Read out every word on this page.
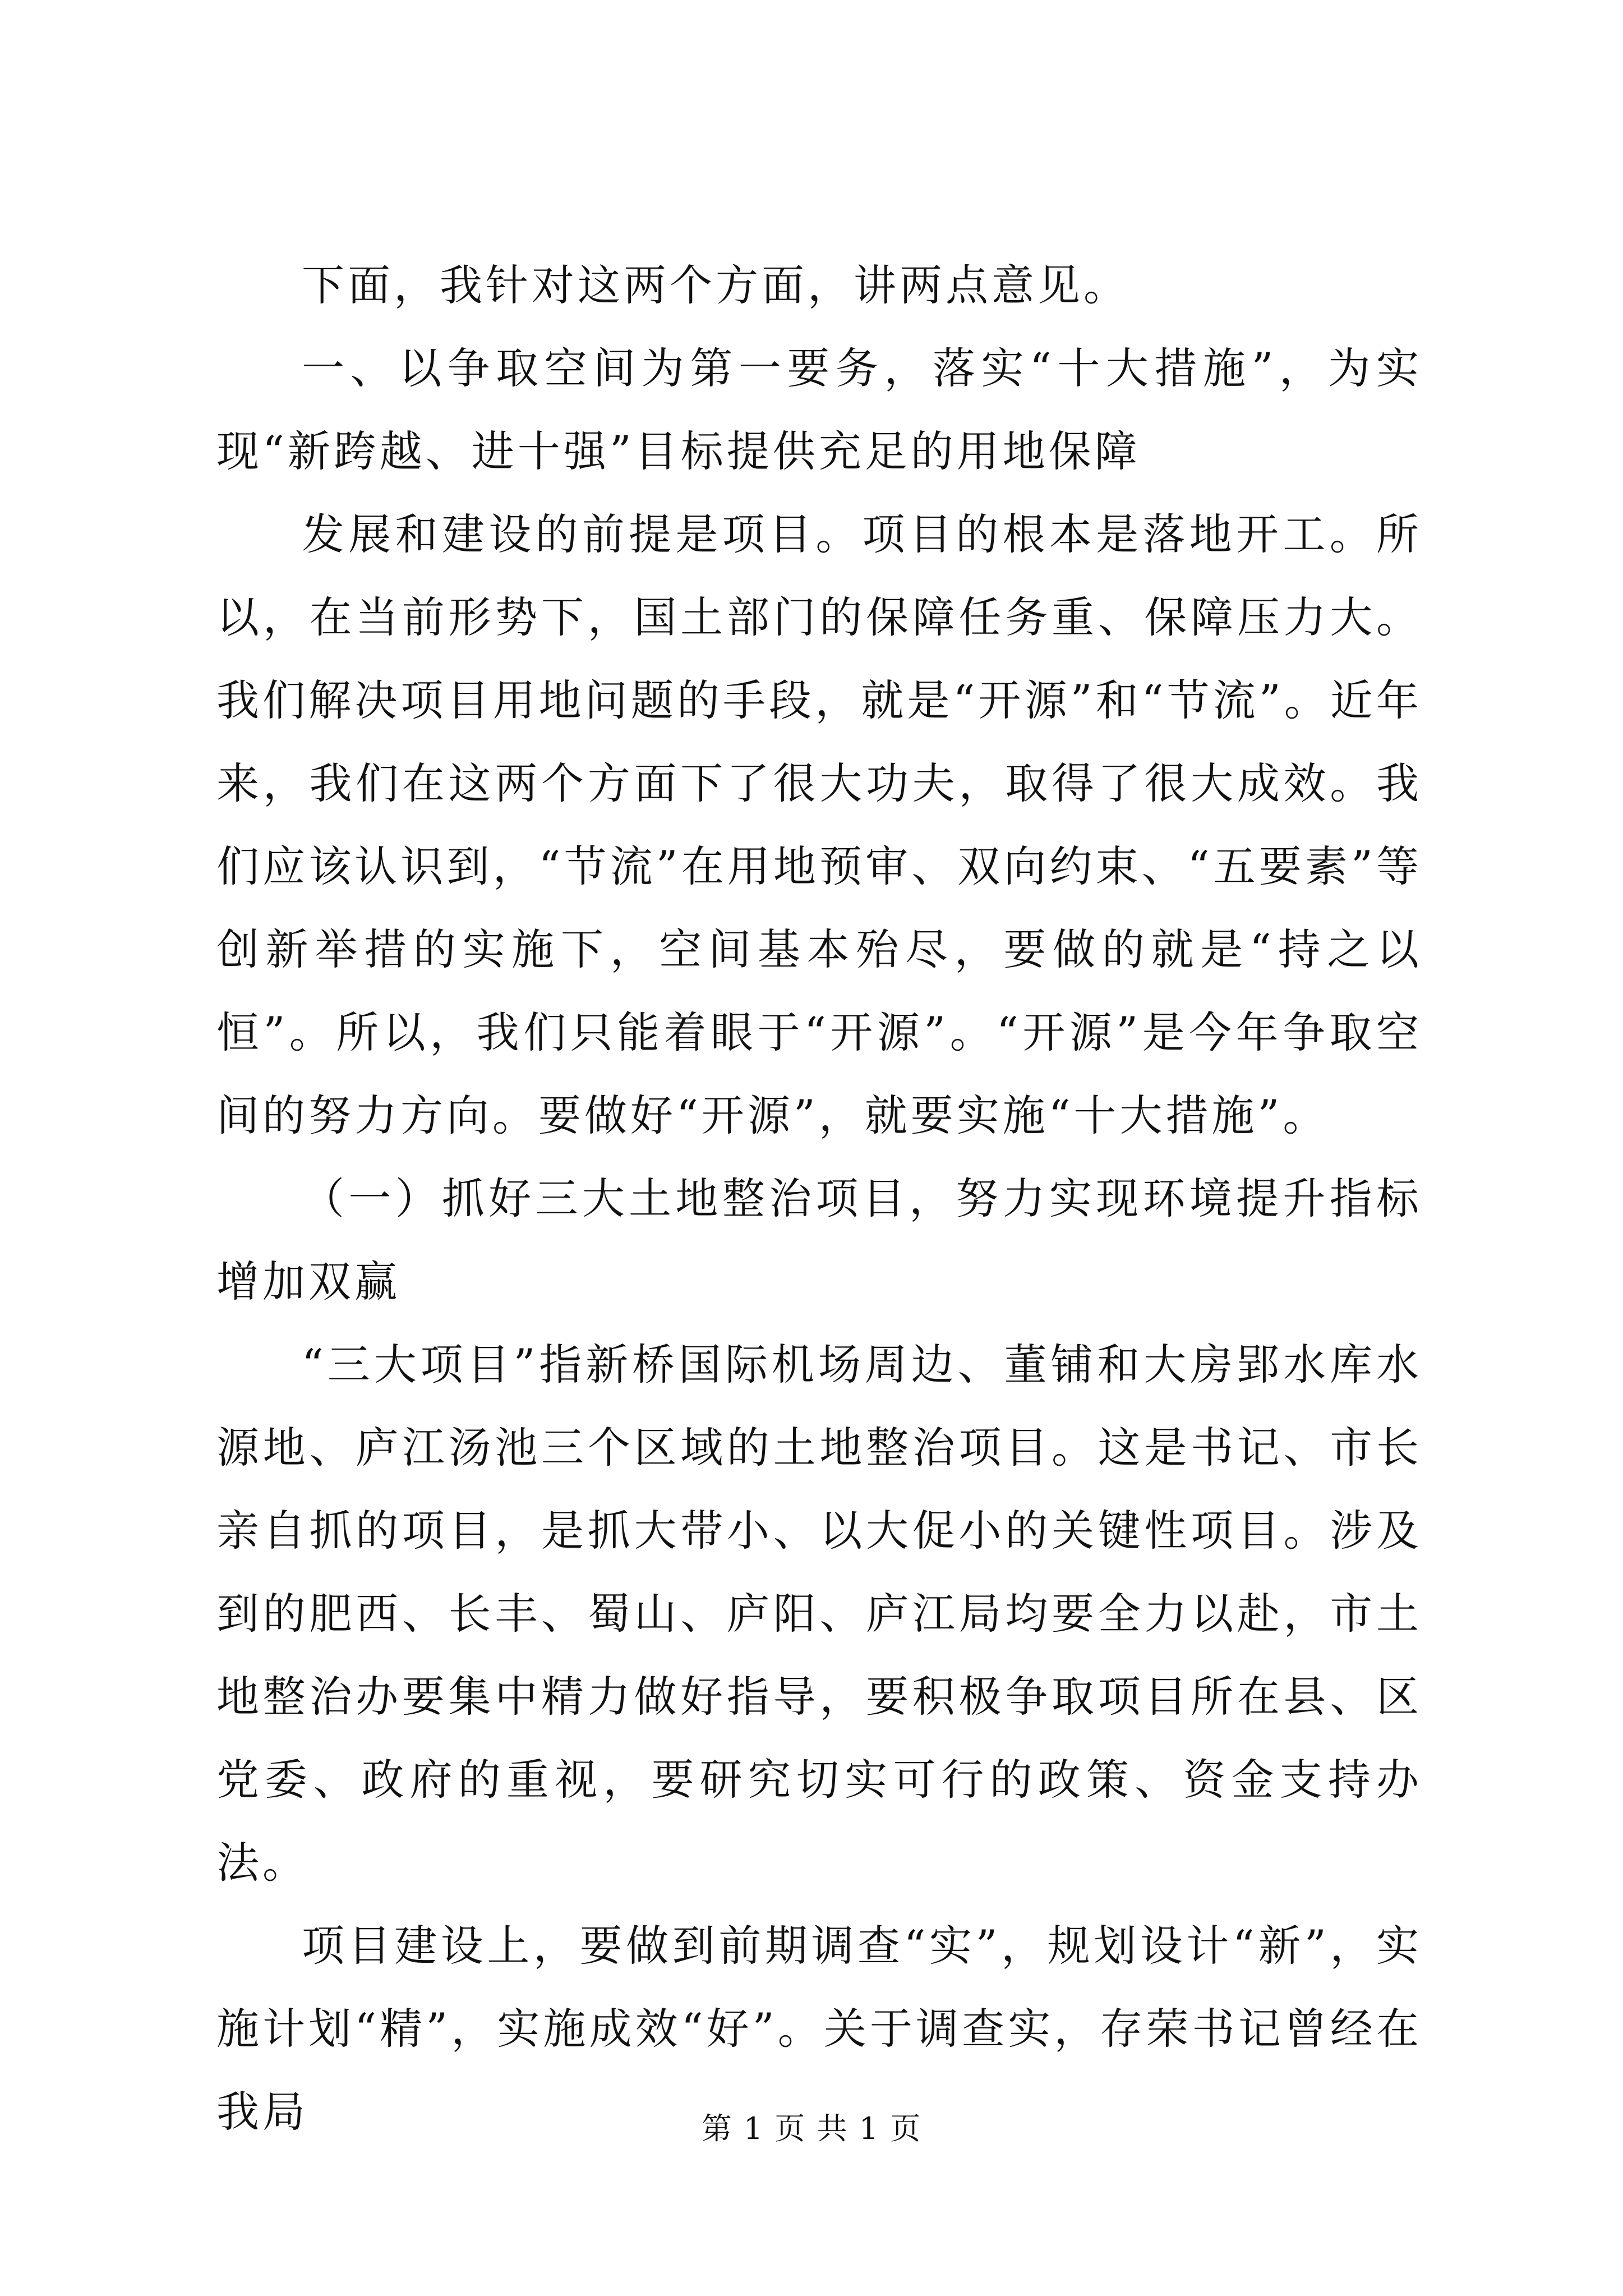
下面，我针对这两个方面，讲两点意见。

一、以争取空间为第一要务，落实“十大措施”，为实现“新跨越、进十强”目标提供充足的用地保障

发展和建设的前提是项目。项目的根本是落地开工。所以，在当前形势下，国土部门的保障任务重、保障压力大。我们解决项目用地问题的手段，就是“开源”和“节流”。近年来，我们在这两个方面下了很大功夫，取得了很大成效。我们应该认识到，“节流”在用地预审、双向约束、“五要素”等创新举措的实施下，空间基本殆尽，要做的就是“持之以恒”。所以，我们只能着眼于“开源”。“开源”是今年争取空间的努力方向。要做好“开源”，就要实施“十大措施”。

（一）抓好三大土地整治项目，努力实现环境提升指标增加双赢

“三大项目”指新桥国际机场周边、董铺和大房郢水库水源地、庐江汤池三个区域的土地整治项目。这是书记、市长亲自抓的项目，是抓大带小、以大促小的关键性项目。涉及到的肥西、长丰、蜀山、庐阳、庐江局均要全力以赴，市土地整治办要集中精力做好指导，要积极争取项目所在县、区党委、政府的重视，要研究切实可行的政策、资金支持办法。

项目建设上，要做到前期调查“实”，规划设计“新”，实施计划“精”，实施成效“好”。关于调查实，存荣书记曾经在我局	第 1 页 共 1 页
